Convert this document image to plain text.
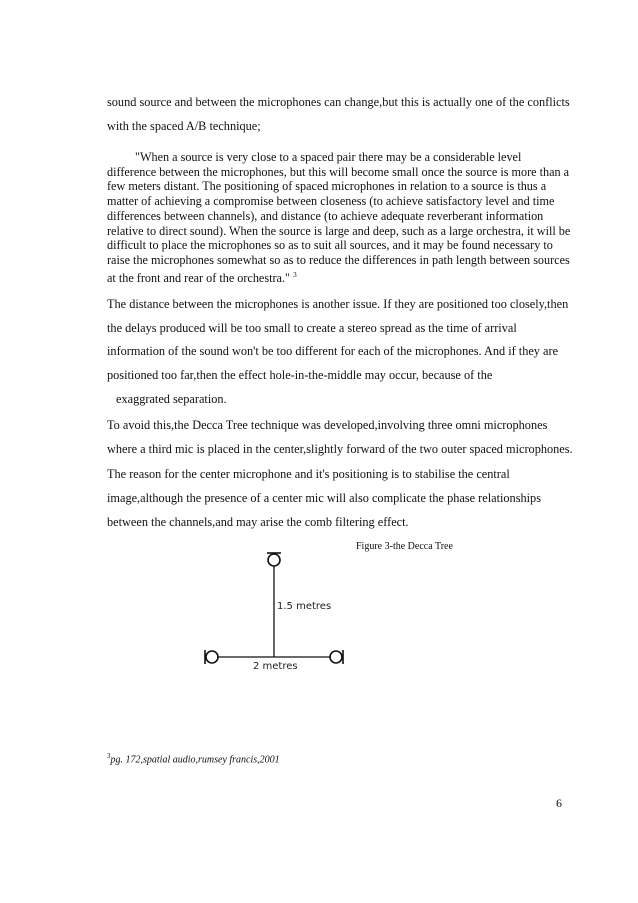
sound source and between the microphones can change,but this is actually one of the conflicts with the spaced A/B technique;

"When a source is very close to a spaced pair there may be a considerable level difference between the microphones, but this will become small once the source is more than a few meters distant. The positioning of spaced microphones in relation to a source is thus a matter of achieving a compromise between closeness (to achieve satisfactory level and time differences between channels), and distance (to achieve adequate reverberant information relative to direct sound). When the source is large and deep, such as a large orchestra, it will be difficult to place the microphones so as to suit all sources, and it may be found necessary to raise the microphones somewhat so as to reduce the differences in path length between sources at the front and rear of the orchestra." $^3$

The distance between the microphones is another issue. If they are positioned too closely,then the delays produced will be too small to create a stereo spread as the time of arrival information of the sound won't be too different for each of the microphones. And if they are positioned too far,then the effect hole-in-the-middle may occur, because of the
exaggrated separation.

To avoid this,the Decca Tree technique was developed,involving three omni microphones where a third mic is placed in the center,slightly forward of the two outer spaced microphones. The reason for the center microphone and it's positioning is to stabilise the central image,although the presence of a center mic will also complicate the phase relationships between the channels,and may arise the comb filtering effect.

Figure 3-the Decca Tree
1.5 metres
2 metres
$^3$pg. 172,spatial audio,rumsey francis,2001
6
